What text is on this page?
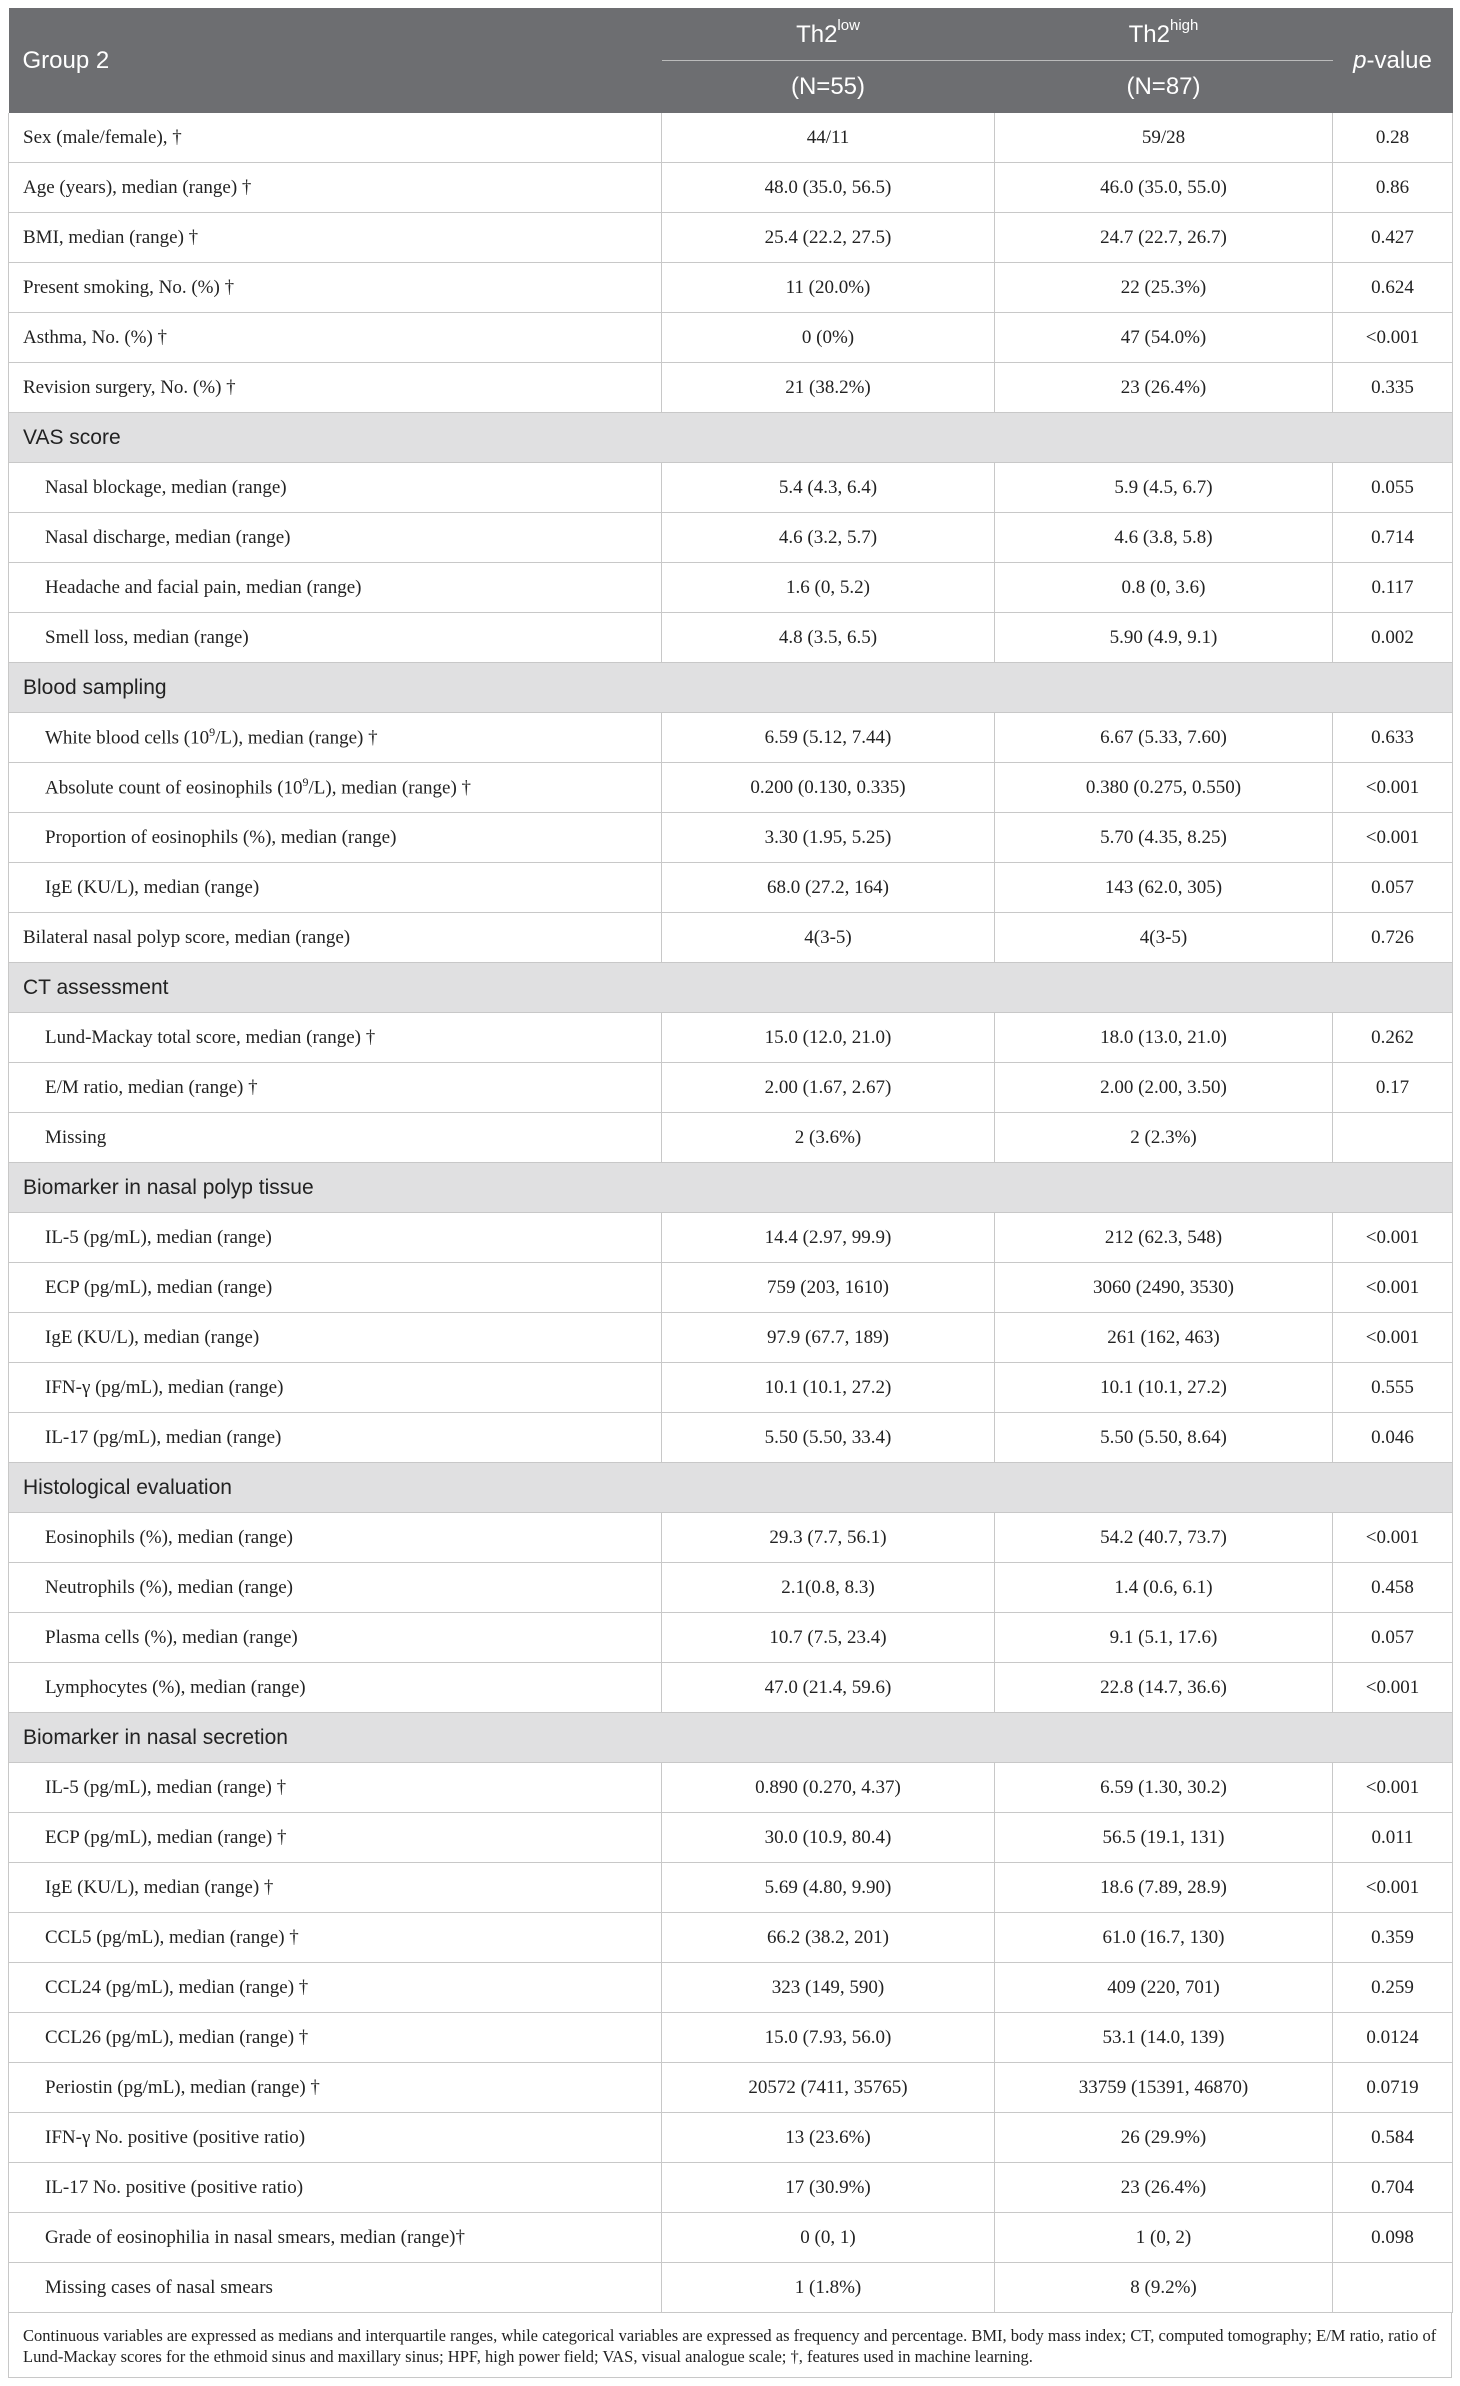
Group 2	$Th2^{low}$	$Th2^{high}$	p-value
	(N=55)	(N=87)	
Sex (male/female), †	44/11	59/28	0.28
Age (years), median (range) †	48.0 (35.0, 56.5)	46.0 (35.0, 55.0)	0.86
BMI, median (range) †	25.4 (22.2, 27.5)	24.7 (22.7, 26.7)	0.427
Present smoking, No. (%) †	11 (20.0%)	22 (25.3%)	0.624
Asthma, No. (%) †	0 (0%)	47 (54.0%)	<0.001
Revision surgery, No. (%) †	21 (38.2%)	23 (26.4%)	0.335
VAS score			
Nasal blockage, median (range)	5.4 (4.3, 6.4)	5.9 (4.5, 6.7)	0.055
Nasal discharge, median (range)	4.6 (3.2, 5.7)	4.6 (3.8, 5.8)	0.714
Headache and facial pain, median (range)	1.6 (0, 5.2)	0.8 (0, 3.6)	0.117
Smell loss, median (range)	4.8 (3.5, 6.5)	5.90 (4.9, 9.1)	0.002
Blood sampling			
White blood cells $(10^9/L)$, median (range) †	6.59 (5.12, 7.44)	6.67 (5.33, 7.60)	0.633
Absolute count of eosinophils $(10^9/L)$, median (range) †	0.200 (0.130, 0.335)	0.380 (0.275, 0.550)	<0.001
Proportion of eosinophils (%), median (range)	3.30 (1.95, 5.25)	5.70 (4.35, 8.25)	<0.001
IgE (KU/L), median (range)	68.0 (27.2, 164)	143 (62.0, 305)	0.057
Bilateral nasal polyp score, median (range)	4(3-5)	4(3-5)	0.726
CT assessment			
Lund-Mackay total score, median (range) †	15.0 (12.0, 21.0)	18.0 (13.0, 21.0)	0.262
E/M ratio, median (range) †	2.00 (1.67, 2.67)	2.00 (2.00, 3.50)	0.17
Missing	2 (3.6%)	2 (2.3%)	
Biomarker in nasal polyp tissue			
IL-5 (pg/mL), median (range)	14.4 (2.97, 99.9)	212 (62.3, 548)	<0.001
ECP (pg/mL), median (range)	759 (203, 1610)	3060 (2490, 3530)	<0.001
IgE (KU/L), median (range)	97.9 (67.7, 189)	261 (162, 463)	<0.001
IFN-γ (pg/mL), median (range)	10.1 (10.1, 27.2)	10.1 (10.1, 27.2)	0.555
IL-17 (pg/mL), median (range)	5.50 (5.50, 33.4)	5.50 (5.50, 8.64)	0.046
Histological evaluation			
Eosinophils (%), median (range)	29.3 (7.7, 56.1)	54.2 (40.7, 73.7)	<0.001
Neutrophils (%), median (range)	2.1(0.8, 8.3)	1.4 (0.6, 6.1)	0.458
Plasma cells (%), median (range)	10.7 (7.5, 23.4)	9.1 (5.1, 17.6)	0.057
Lymphocytes (%), median (range)	47.0 (21.4, 59.6)	22.8 (14.7, 36.6)	<0.001
Biomarker in nasal secretion			
IL-5 (pg/mL), median (range) †	0.890 (0.270, 4.37)	6.59 (1.30, 30.2)	<0.001
ECP (pg/mL), median (range) †	30.0 (10.9, 80.4)	56.5 (19.1, 131)	0.011
IgE (KU/L), median (range) †	5.69 (4.80, 9.90)	18.6 (7.89, 28.9)	<0.001
CCL5 (pg/mL), median (range) †	66.2 (38.2, 201)	61.0 (16.7, 130)	0.359
CCL24 (pg/mL), median (range) †	323 (149, 590)	409 (220, 701)	0.259
CCL26 (pg/mL), median (range) †	15.0 (7.93, 56.0)	53.1 (14.0, 139)	0.0124
Periostin (pg/mL), median (range) †	20572 (7411, 35765)	33759 (15391, 46870)	0.0719
IFN-γ No. positive (positive ratio)	13 (23.6%)	26 (29.9%)	0.584
IL-17 No. positive (positive ratio)	17 (30.9%)	23 (26.4%)	0.704
Grade of eosinophilia in nasal smears, median (range)†	0 (0, 1)	1 (0, 2)	0.098
Missing cases of nasal smears	1 (1.8%)	8 (9.2%)	
Continuous variables are expressed as medians and interquartile ranges, while categorical variables are expressed as frequency and percentage. BMI, body mass index; CT, computed tomography; E/M ratio, ratio of Lund-Mackay scores for the ethmoid sinus and maxillary sinus; HPF, high power field; VAS, visual analogue scale; †, features used in machine learning.
